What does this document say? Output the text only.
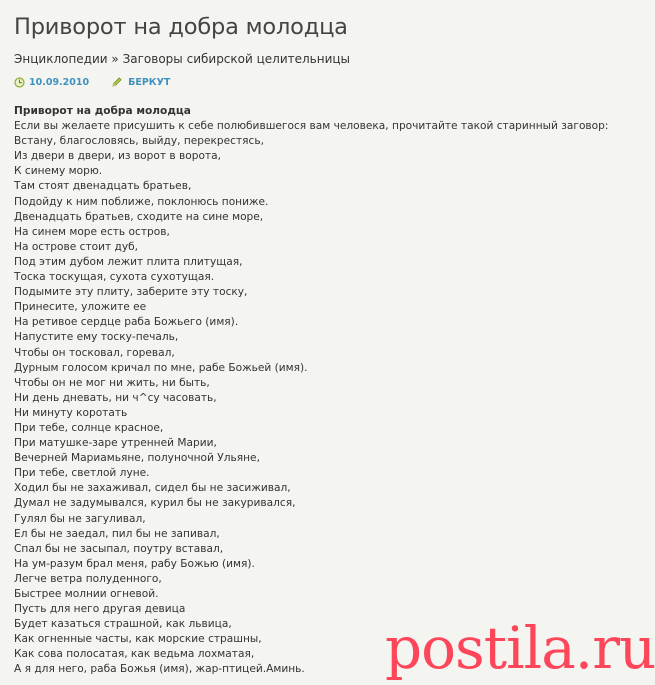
Приворот на добра молодца
Энциклопедии » Заговоры сибирской целительницы
10.09.2010	БЕРКУТ
Приворот на добра молодца
Если вы желаете присушить к себе полюбившегося вам человека, прочитайте такой старинный заговор:
Встану, благословясь, выйду, перекрестясь,
Из двери в двери, из ворот в ворота,
К синему морю.
Там стоят двенадцать братьев,
Подойду к ним поближе, поклонюсь пониже.
Двенадцать братьев, сходите на сине море,
На синем море есть остров,
На острове стоит дуб,
Под этим дубом лежит плита плитущая,
Тоска тоскущая, сухота сухотущая.
Подымите эту плиту, заберите эту тоску,
Принесите, уложите ее
На ретивое сердце раба Божьего (имя).
Напустите ему тоску-печаль,
Чтобы он тосковал, горевал,
Дурным голосом кричал по мне, рабе Божьей (имя).
Чтобы он не мог ни жить, ни быть,
Ни день дневать, ни ч^су часовать,
Ни минуту коротать
При тебе, солнце красное,
При матушке-заре утренней Марии,
Вечерней Мариамьяне, полуночной Ульяне,
При тебе, светлой луне.
Ходил бы не захаживал, сидел бы не засиживал,
Думал не задумывался, курил бы не закуривался,
Гулял бы не загуливал,
Ел бы не заедал, пил бы не запивал,
Спал бы не засыпал, поутру вставал,
На ум-разум брал меня, рабу Божью (имя).
Легче ветра полуденного,
Быстрее молнии огневой.
Пусть для него другая девица
Будет казаться страшной, как львица,
Как огненные часты, как морские страшны,
Как сова полосатая, как ведьма лохматая,
А я для него, раба Божья (имя), жар-птицей.Аминь.	postila.ru
